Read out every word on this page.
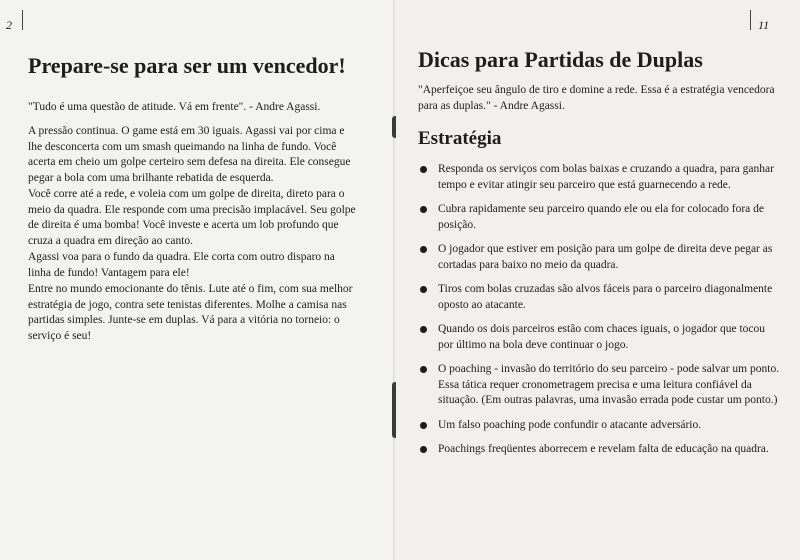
2
Prepare-se para ser um vencedor!

"Tudo é uma questão de atitude. Vá em frente". - Andre Agassi.

A pressão continua. O game está em 30 iguais. Agassi vai por cima e lhe desconcerta com um smash queimando na linha de fundo. Você acerta em cheio um golpe certeiro sem defesa na direita. Ele consegue pegar a bola com uma brilhante rebatida de esquerda.

Você corre até a rede, e voleia com um golpe de direita, direto para o meio da quadra. Ele responde com uma precisão implacável. Seu golpe de direita é uma bomba! Você investe e acerta um lob profundo que cruza a quadra em direção ao canto.

Agassi voa para o fundo da quadra. Ele corta com outro disparo na linha de fundo! Vantagem para ele!

Entre no mundo emocionante do tênis. Lute até o fim, com sua melhor estratégia de jogo, contra sete tenistas diferentes. Molhe a camisa nas partidas simples. Junte-se em duplas. Vá para a vitória no torneio: o serviço é seu!

11
Dicas para Partidas de Duplas

"Aperfeiçoe seu ângulo de tiro e domine a rede. Essa é a estratégia vencedora para as duplas." - Andre Agassi.

Estratégia
Responda os serviços com bolas baixas e cruzando a quadra, para ganhar tempo e evitar atingir seu parceiro que está guarnecendo a rede.
Cubra rapidamente seu parceiro quando ele ou ela for colocado fora de posição.
O jogador que estiver em posição para um golpe de direita deve pegar as cortadas para baixo no meio da quadra.
Tiros com bolas cruzadas são alvos fáceis para o parceiro diagonalmente oposto ao atacante.
Quando os dois parceiros estão com chaces iguais, o jogador que tocou por último na bola deve continuar o jogo.
O poaching - invasão do território do seu parceiro - pode salvar um ponto. Essa tática requer cronometragem precisa e uma leitura confiável da situação. (Em outras palavras, uma invasão errada pode custar um ponto.)
Um falso poaching pode confundir o atacante adversário.
Poachings freqüentes aborrecem e revelam falta de educação na quadra.
